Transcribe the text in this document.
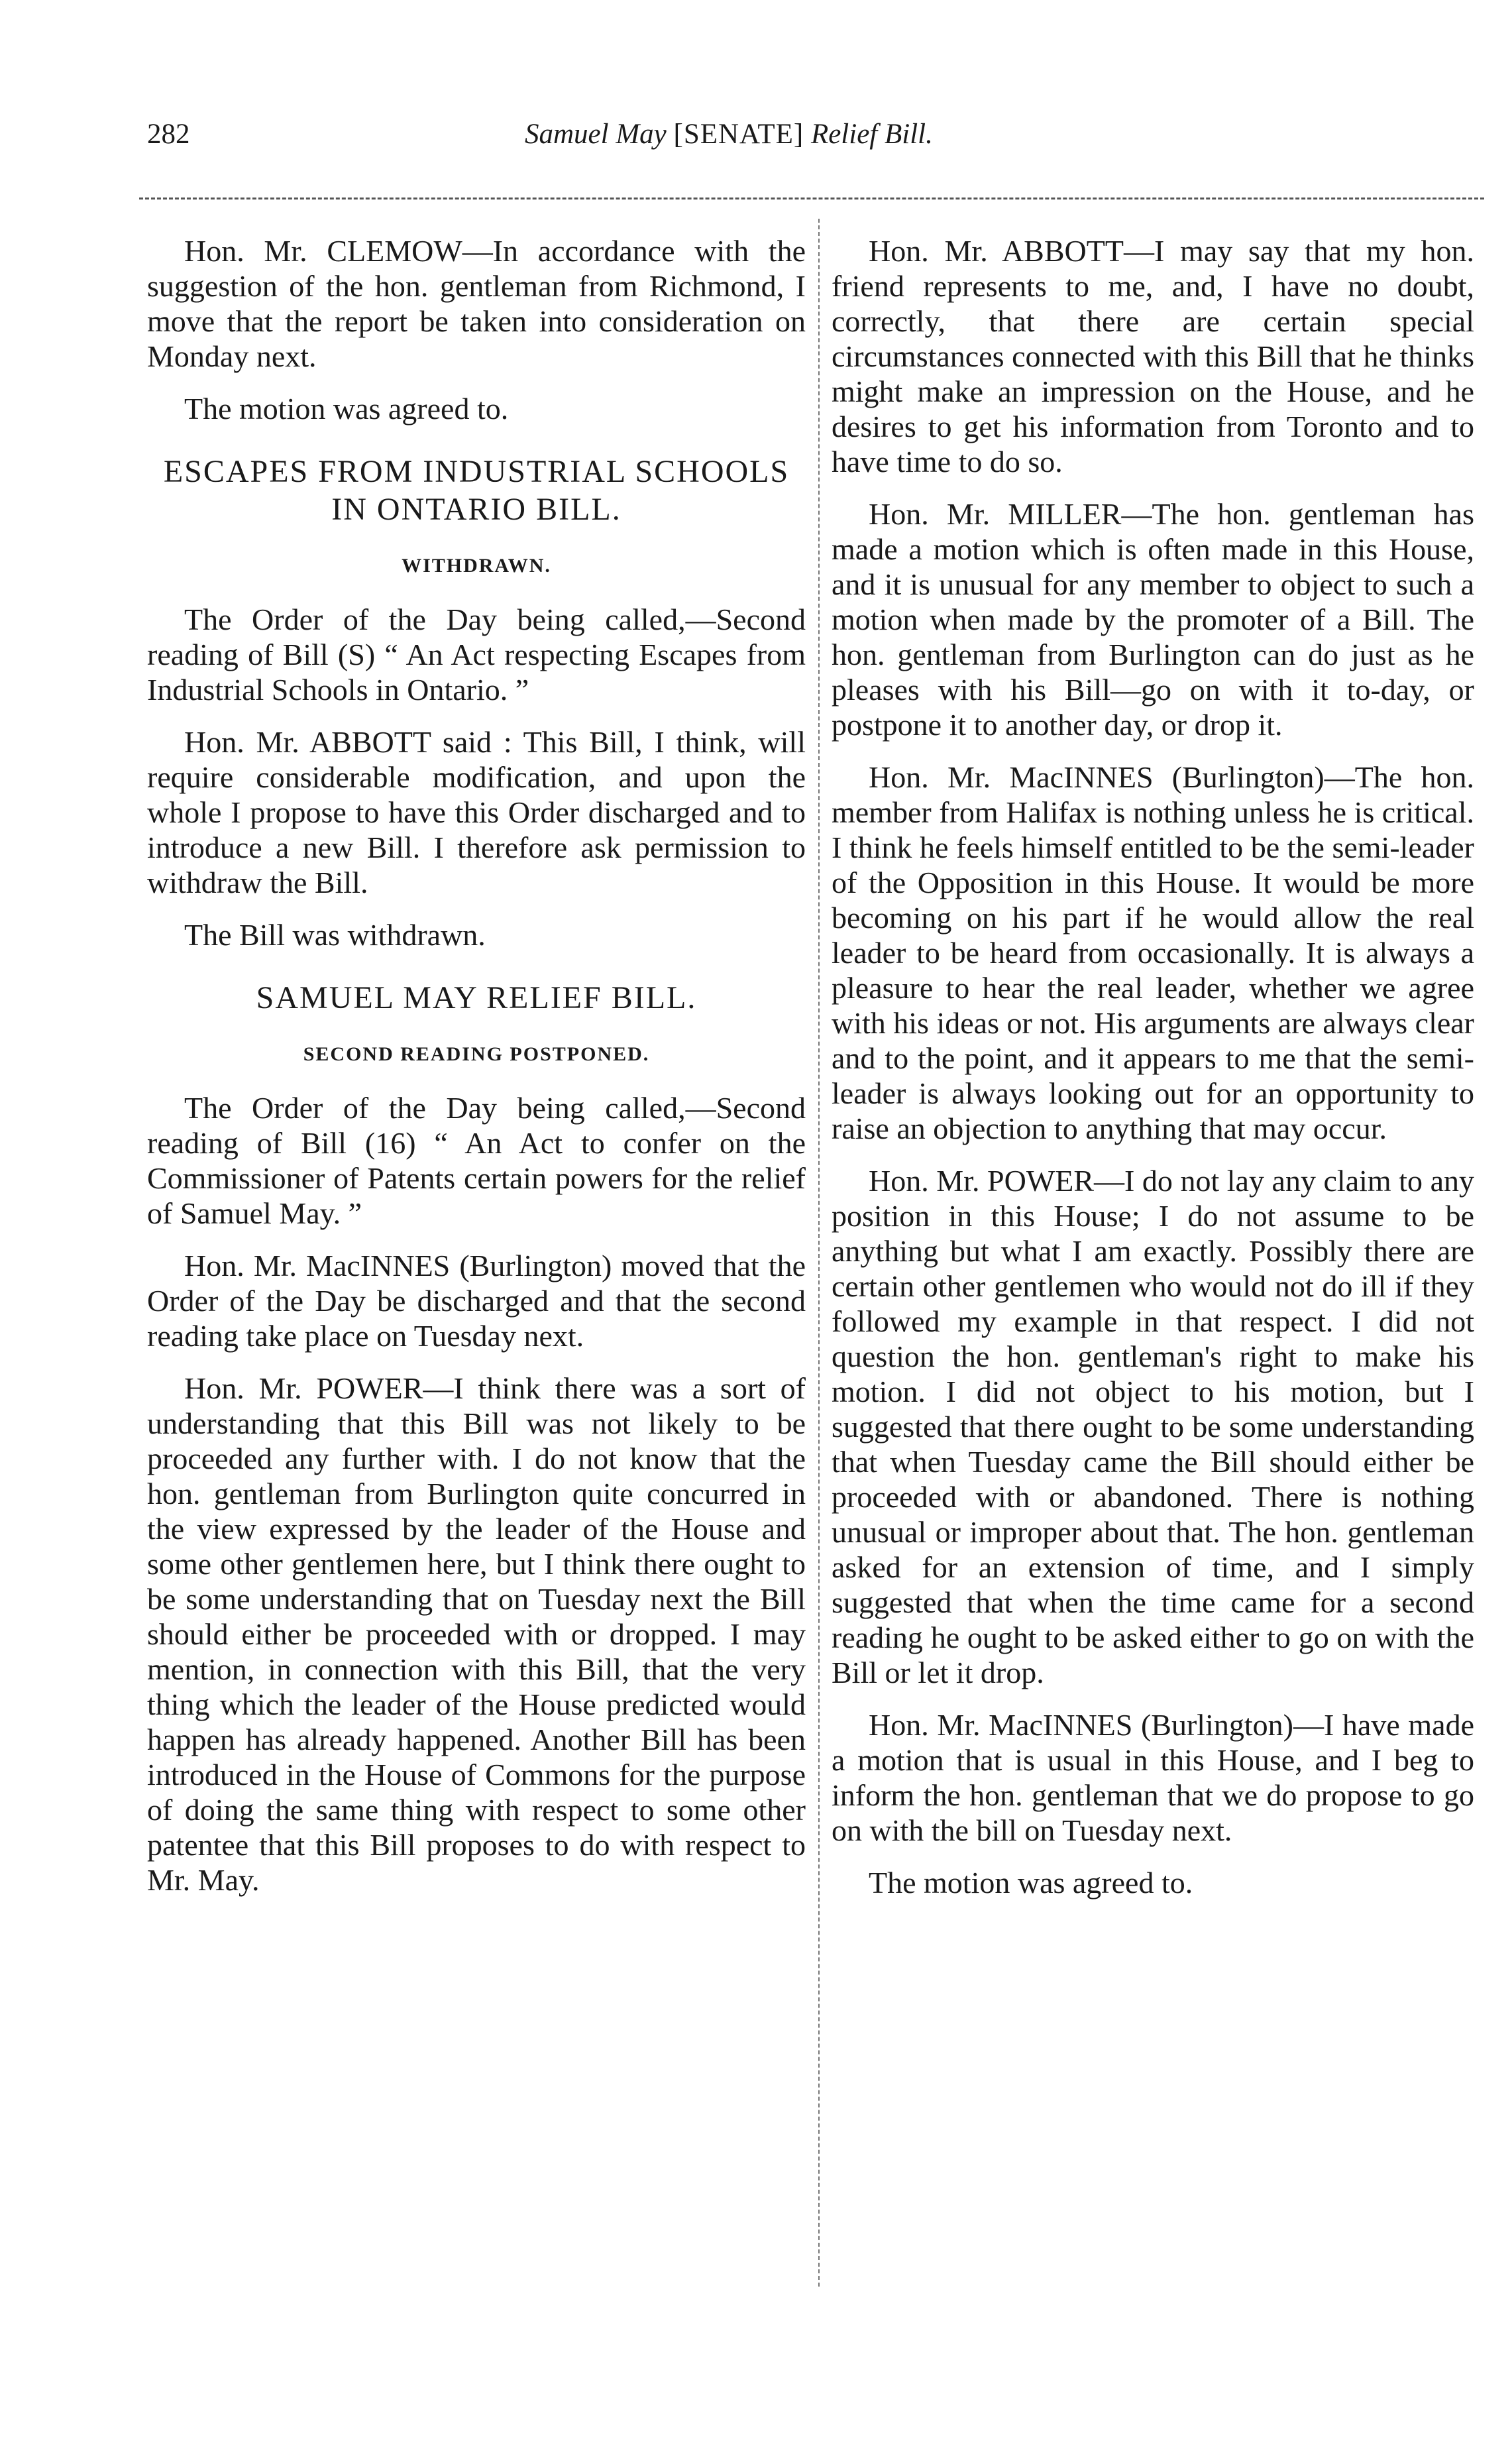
282	Samuel May [SENATE] Relief Bill.

Hon. Mr. CLEMOW—In accordance with the suggestion of the hon. gentleman from Richmond, I move that the report be taken into consideration on Monday next.

The motion was agreed to.

ESCAPES FROM INDUSTRIAL SCHOOLS IN ONTARIO BILL.
WITHDRAWN.

The Order of the Day being called,—Second reading of Bill (S) “ An Act respecting Escapes from Industrial Schools in Ontario. ”

Hon. Mr. ABBOTT said : This Bill, I think, will require considerable modification, and upon the whole I propose to have this Order discharged and to introduce a new Bill. I therefore ask permission to withdraw the Bill.

The Bill was withdrawn.

SAMUEL MAY RELIEF BILL.
SECOND READING POSTPONED.

The Order of the Day being called,—Second reading of Bill (16) “ An Act to confer on the Commissioner of Patents certain powers for the relief of Samuel May. ”

Hon. Mr. MacINNES (Burlington) moved that the Order of the Day be discharged and that the second reading take place on Tuesday next.

Hon. Mr. POWER—I think there was a sort of understanding that this Bill was not likely to be proceeded any further with. I do not know that the hon. gentleman from Burlington quite concurred in the view expressed by the leader of the House and some other gentlemen here, but I think there ought to be some understanding that on Tuesday next the Bill should either be proceeded with or dropped. I may mention, in connection with this Bill, that the very thing which the leader of the House predicted would happen has already happened. Another Bill has been introduced in the House of Commons for the purpose of doing the same thing with respect to some other patentee that this Bill proposes to do with respect to Mr. May.

Hon. Mr. ABBOTT—I may say that my hon. friend represents to me, and, I have no doubt, correctly, that there are certain special circumstances connected with this Bill that he thinks might make an impression on the House, and he desires to get his information from Toronto and to have time to do so.

Hon. Mr. MILLER—The hon. gentleman has made a motion which is often made in this House, and it is unusual for any member to object to such a motion when made by the promoter of a Bill. The hon. gentleman from Burlington can do just as he pleases with his Bill—go on with it to-day, or postpone it to another day, or drop it.

Hon. Mr. MacINNES (Burlington)—The hon. member from Halifax is nothing unless he is critical. I think he feels himself entitled to be the semi-leader of the Opposition in this House. It would be more becoming on his part if he would allow the real leader to be heard from occasionally. It is always a pleasure to hear the real leader, whether we agree with his ideas or not. His arguments are always clear and to the point, and it appears to me that the semi-leader is always looking out for an opportunity to raise an objection to anything that may occur.

Hon. Mr. POWER—I do not lay any claim to any position in this House; I do not assume to be anything but what I am exactly. Possibly there are certain other gentlemen who would not do ill if they followed my example in that respect. I did not question the hon. gentleman's right to make his motion. I did not object to his motion, but I suggested that there ought to be some understanding that when Tuesday came the Bill should either be proceeded with or abandoned. There is nothing unusual or improper about that. The hon. gentleman asked for an extension of time, and I simply suggested that when the time came for a second reading he ought to be asked either to go on with the Bill or let it drop.

Hon. Mr. MacINNES (Burlington)—I have made a motion that is usual in this House, and I beg to inform the hon. gentleman that we do propose to go on with the bill on Tuesday next.

The motion was agreed to.
